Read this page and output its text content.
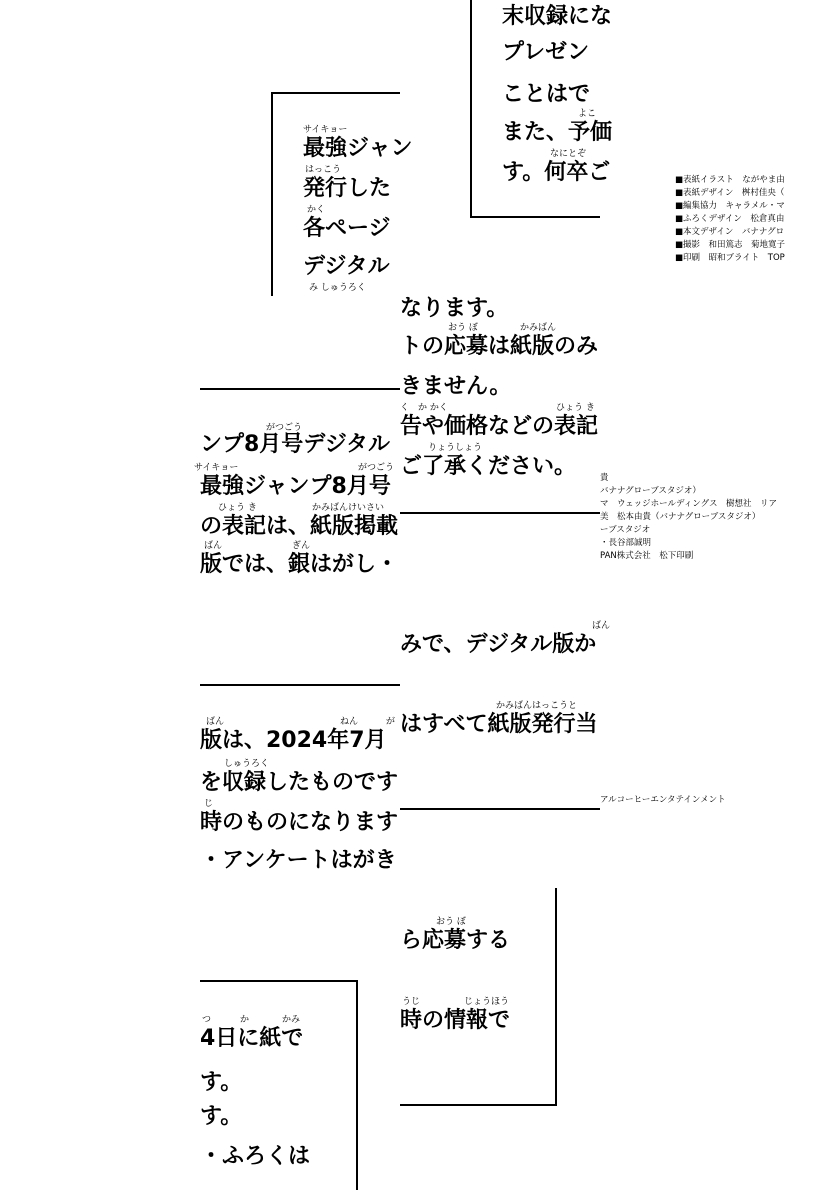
末収録にな
プレゼン
ことはで
よこ
また、予価
なにとぞ
す。何卒ご
サイキョー
最強ジャン
はっこう
発行した
かく
各ページ
デジタル
み しゅうろく
■表紙イラスト　ながやま由
■表紙デザイン　桝村佳央（
■編集協力　キャラメル・マ
■ふろくデザイン　松倉真由
■本文デザイン　バナナグロ
■撮影　和田篤志　菊地寛子
■印刷　昭和ブライト　TOP
なります。
おう ぼ	かみばん
トの応募は紙版のみ
きません。
く　か かく	ひょう き
告や価格などの表記
りょうしょう
ご了承ください。
がつごう
ンプ8月号デジタル
サイキョー	がつごう
最強ジャンプ8月号
ひょう き	かみばんけいさい
の表記は、紙版掲載
ばん	ぎん
版では、銀はがし・
貴
バナナグローブスタジオ）
マ　ウェッジホールディングス　樹想社　リア
美　松本由貴（バナナグローブスタジオ）
ーブスタジオ
・長谷部誠明
PAN株式会社　松下印刷
ばん
みで、デジタル版か
かみばんはっこうと
はすべて紙版発行当
ばん	ねん	が
版は、2024年7月
しゅうろく
を収録したものです
じ
時のものになります
・アンケートはがき
アルコーヒーエンタテインメント
おう ぼ
ら応募する
うじ	じょうほう
時の情報で
つ	か	かみ
4日に紙で
す。
す。
・ふろくは
